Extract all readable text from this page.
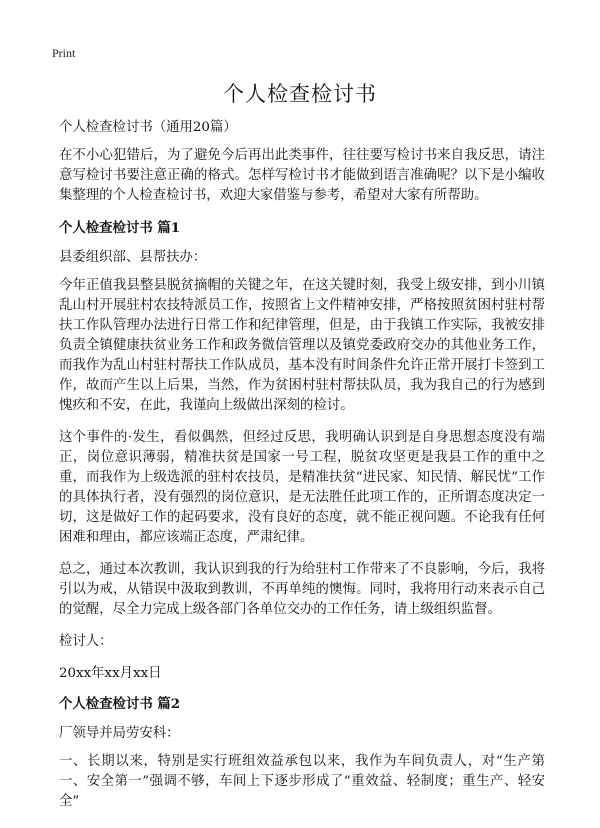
Print
个人检查检讨书

个人检查检讨书（通用20篇）

在不小心犯错后，为了避免今后再出此类事件，往往要写检讨书来自我反思，请注意写检讨书要注意正确的格式。怎样写检讨书才能做到语言准确呢？以下是小编收集整理的个人检查检讨书，欢迎大家借鉴与参考，希望对大家有所帮助。

个人检查检讨书 篇1

县委组织部、县帮扶办：

今年正值我县整县脱贫摘帽的关键之年，在这关键时刻，我受上级安排，到小川镇乱山村开展驻村农技特派员工作，按照省上文件精神安排，严格按照贫困村驻村帮扶工作队管理办法进行日常工作和纪律管理，但是，由于我镇工作实际，我被安排负责全镇健康扶贫业务工作和政务微信管理以及镇党委政府交办的其他业务工作，而我作为乱山村驻村帮扶工作队成员，基本没有时间条件允许正常开展打卡签到工作，故而产生以上后果，当然，作为贫困村驻村帮扶队员，我为我自己的行为感到愧疚和不安，在此，我谨向上级做出深刻的检讨。

这个事件的·发生，看似偶然，但经过反思，我明确认识到是自身思想态度没有端正，岗位意识薄弱，精准扶贫是国家一号工程，脱贫攻坚更是我县工作的重中之重，而我作为上级选派的驻村农技员，是精准扶贫“进民家、知民情、解民忧”工作的具体执行者，没有强烈的岗位意识，是无法胜任此项工作的，正所谓态度决定一切，这是做好工作的起码要求，没有良好的态度，就不能正视问题。不论我有任何困难和理由，都应该端正态度，严肃纪律。

总之，通过本次教训，我认识到我的行为给驻村工作带来了不良影响，今后，我将引以为戒，从错误中汲取到教训，不再单纯的懊悔。同时，我将用行动来表示自己的觉醒，尽全力完成上级各部门各单位交办的工作任务，请上级组织监督。

检讨人：

20xx年xx月xx日

个人检查检讨书 篇2

厂领导并局劳安科：

一、长期以来，特别是实行班组效益承包以来，我作为车间负责人，对“生产第一、安全第一”强调不够，车间上下逐步形成了“重效益、轻制度；重生产、轻安全”
